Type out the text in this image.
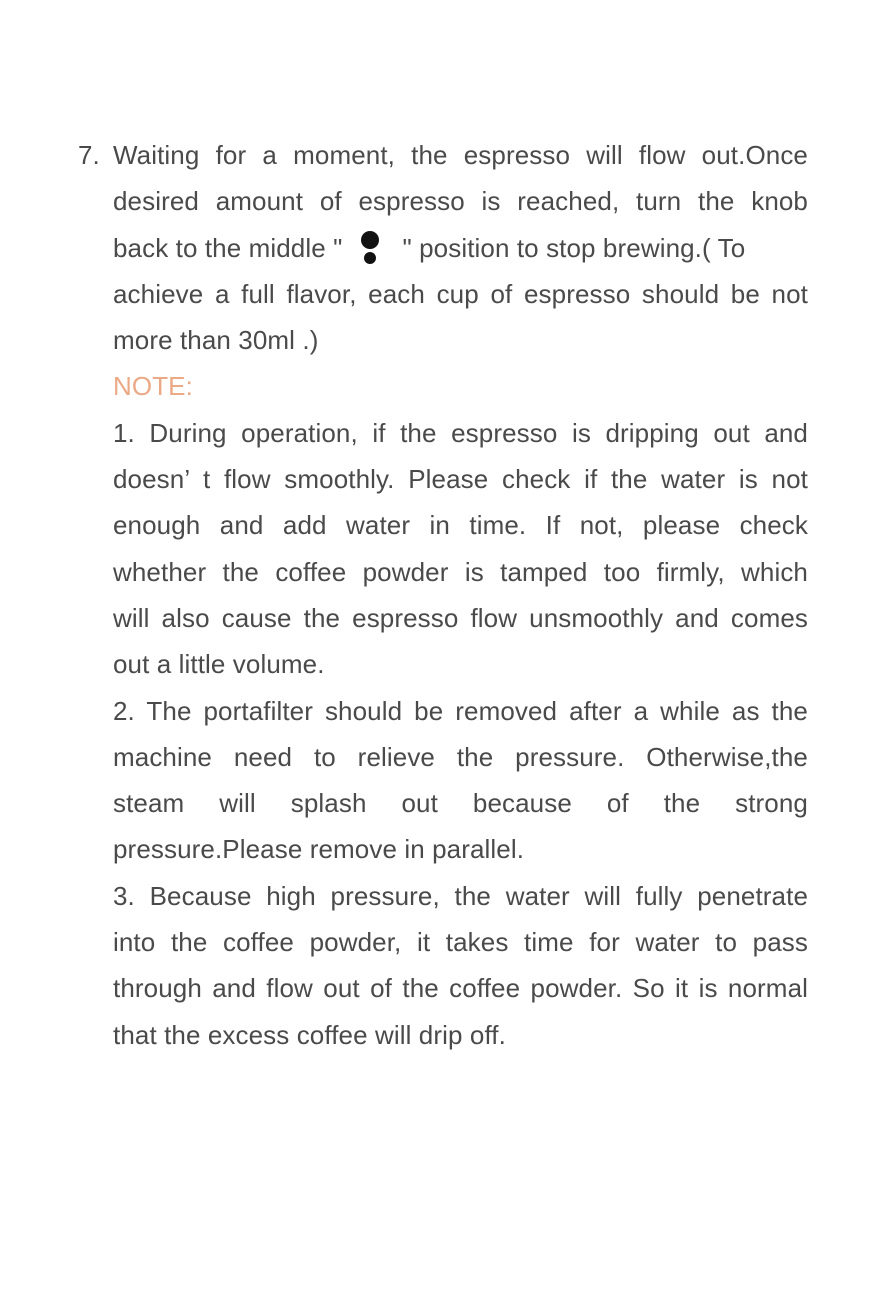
7. Waiting for a moment, the espresso will flow out.Once
desired amount of espresso is reached, turn the knob
back to the middle " " position to stop brewing.( To
achieve a full flavor, each cup of espresso should be not
more than 30ml .)
NOTE:
1. During operation, if the espresso is dripping out and
doesn’ t flow smoothly. Please check if the water is not
enough and add water in time. If not, please check
whether the coffee powder is tamped too firmly, which
will also cause the espresso flow unsmoothly and comes
out a little volume.
2. The portafilter should be removed after a while as the
machine need to relieve the pressure. Otherwise,the
steam will splash out because of the strong
pressure.Please remove in parallel.
3. Because high pressure, the water will fully penetrate
into the coffee powder, it takes time for water to pass
through and flow out of the coffee powder. So it is normal
that the excess coffee will drip off.
